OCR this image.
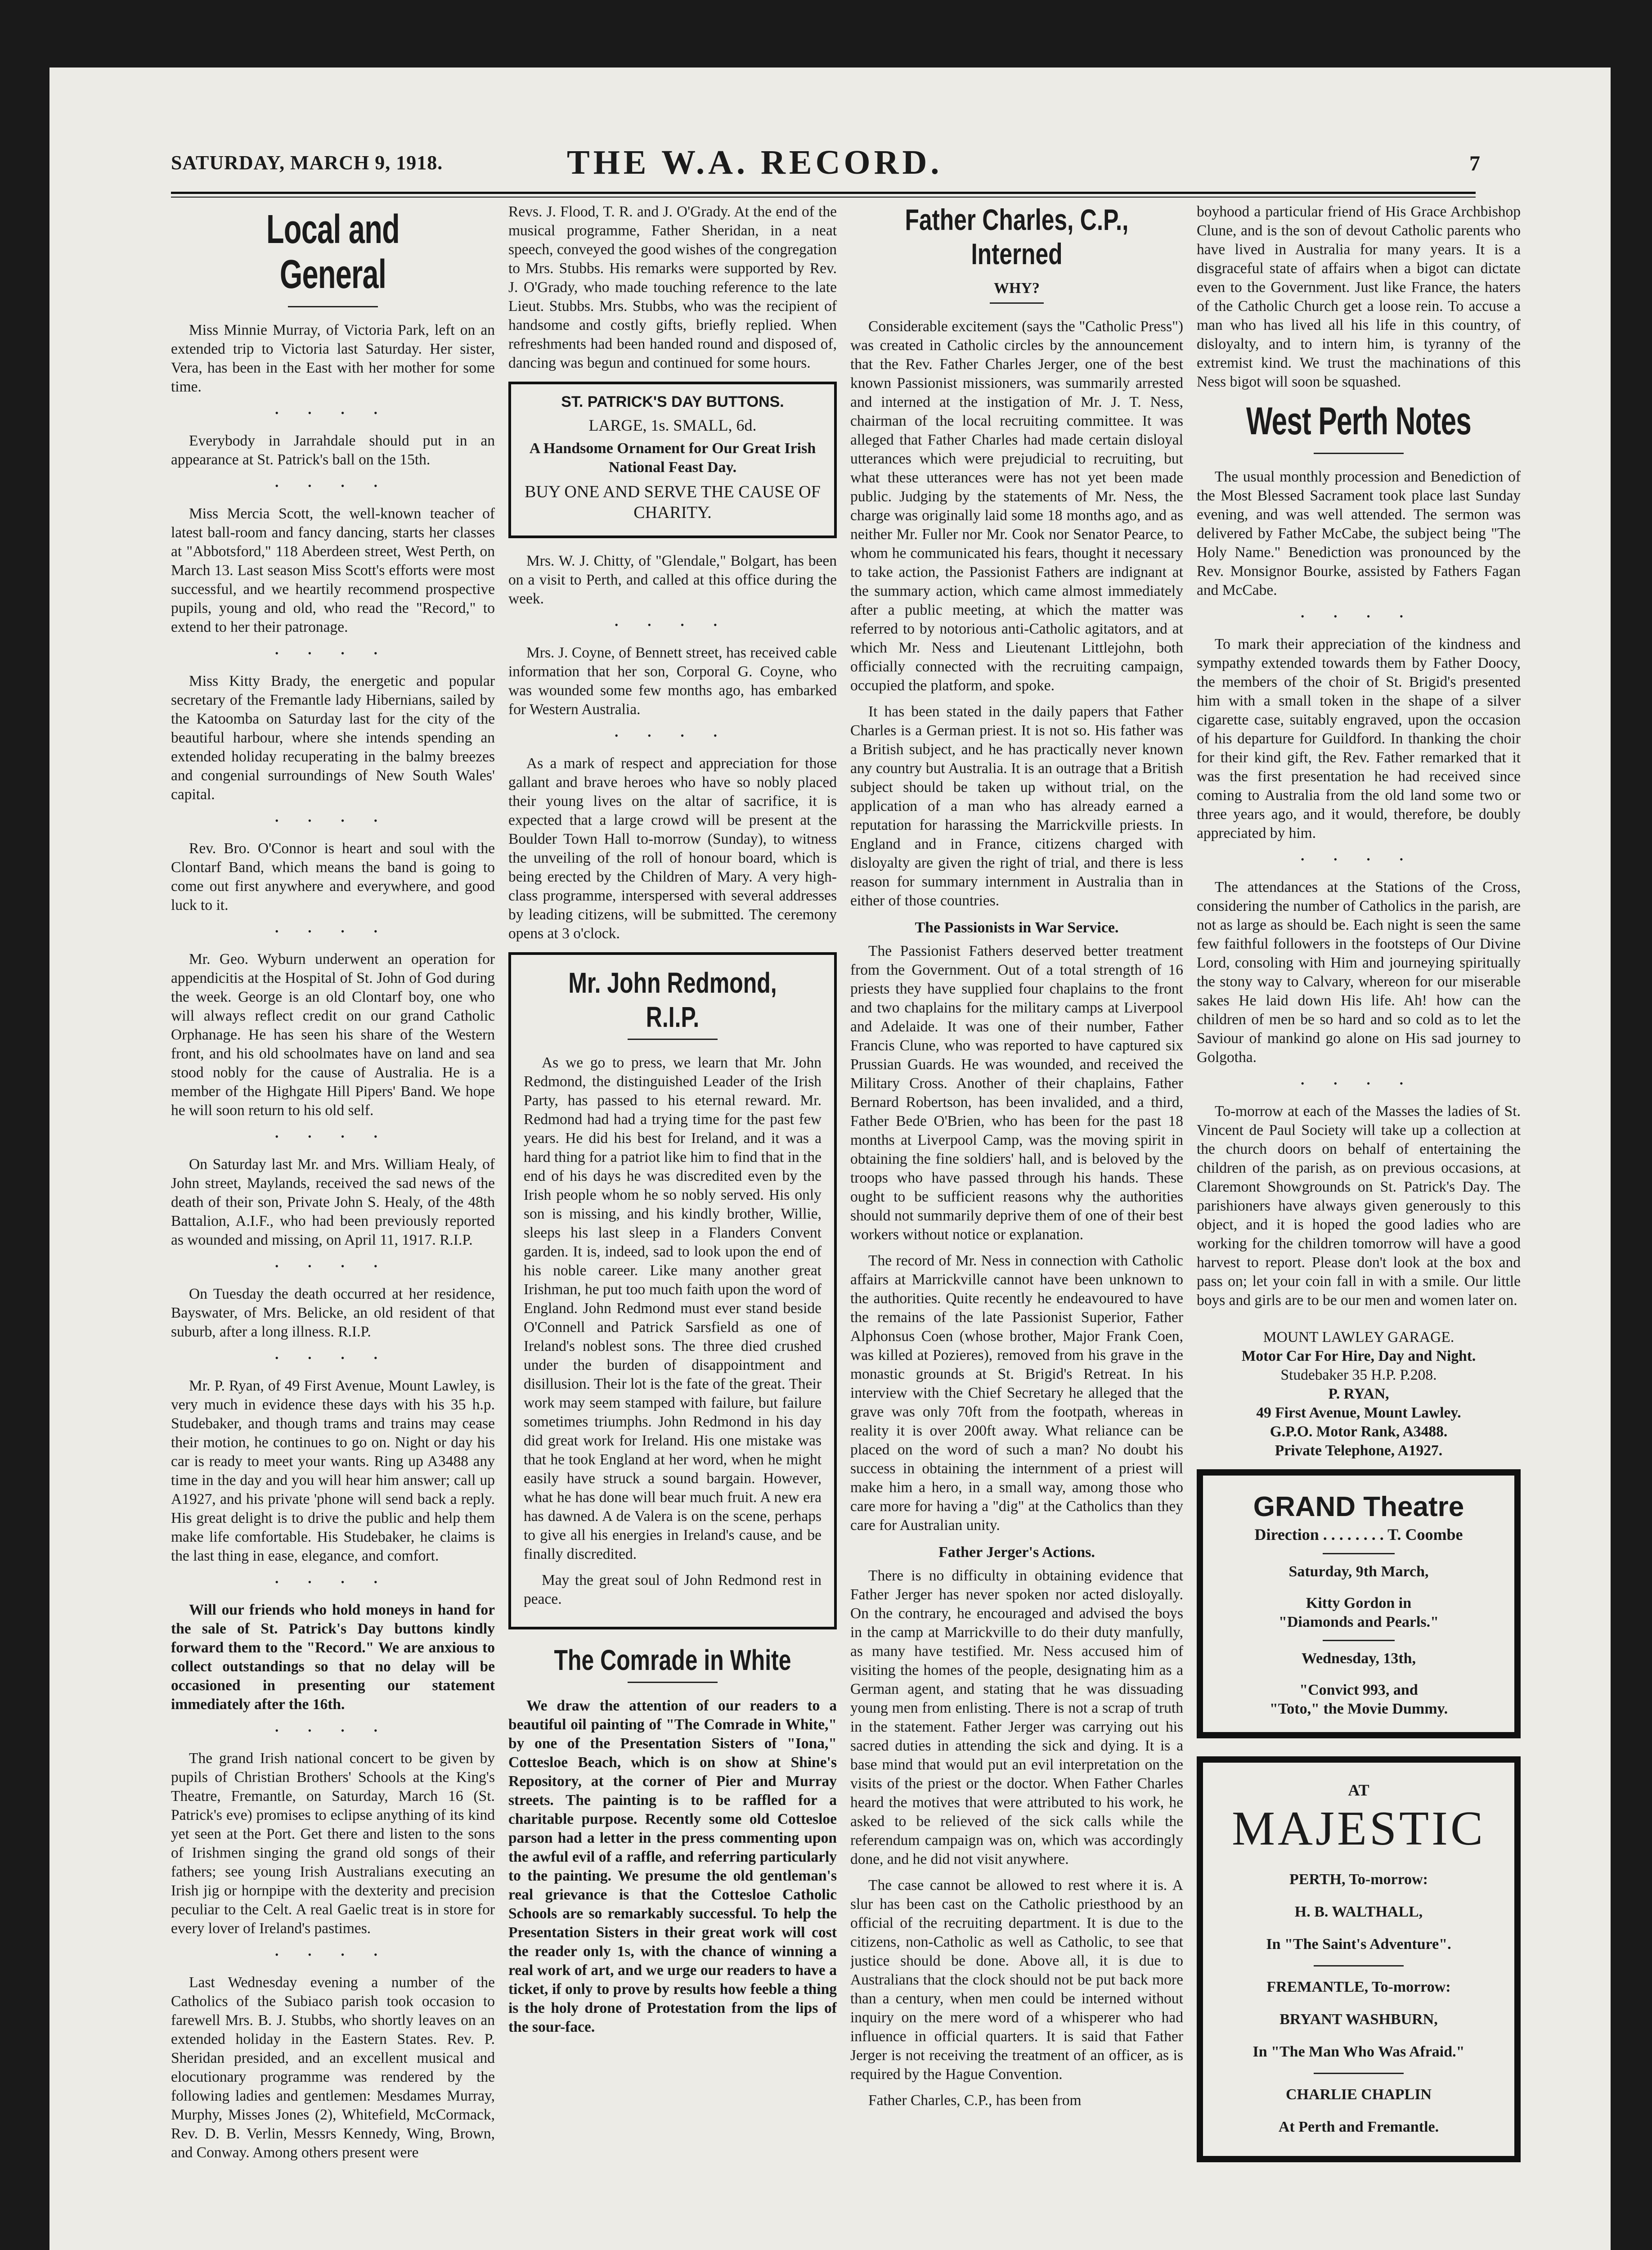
SATURDAY, MARCH 9, 1918.	THE W.A. RECORD.	7
Local and General

Miss Minnie Murray, of Victoria Park, left on an extended trip to Victoria last Saturday. Her sister, Vera, has been in the East with her mother for some time.

• • • •

Everybody in Jarrahdale should put in an appearance at St. Patrick's ball on the 15th.

• • • •

Miss Mercia Scott, the well-known teacher of latest ball-room and fancy dancing, starts her classes at "Abbotsford," 118 Aberdeen street, West Perth, on March 13. Last season Miss Scott's efforts were most successful, and we heartily recommend prospective pupils, young and old, who read the "Record," to extend to her their patronage.

• • • •

Miss Kitty Brady, the energetic and popular secretary of the Fremantle lady Hibernians, sailed by the Katoomba on Saturday last for the city of the beautiful harbour, where she intends spending an extended holiday recuperating in the balmy breezes and congenial surroundings of New South Wales' capital.

• • • •

Rev. Bro. O'Connor is heart and soul with the Clontarf Band, which means the band is going to come out first anywhere and everywhere, and good luck to it.

• • • •

Mr. Geo. Wyburn underwent an operation for appendicitis at the Hospital of St. John of God during the week. George is an old Clontarf boy, one who will always reflect credit on our grand Catholic Orphanage. He has seen his share of the Western front, and his old schoolmates have on land and sea stood nobly for the cause of Australia. He is a member of the Highgate Hill Pipers' Band. We hope he will soon return to his old self.

• • • •

On Saturday last Mr. and Mrs. William Healy, of John street, Maylands, received the sad news of the death of their son, Private John S. Healy, of the 48th Battalion, A.I.F., who had been previously reported as wounded and missing, on April 11, 1917. R.I.P.

• • • •

On Tuesday the death occurred at her residence, Bayswater, of Mrs. Belicke, an old resident of that suburb, after a long illness. R.I.P.

• • • •

Mr. P. Ryan, of 49 First Avenue, Mount Lawley, is very much in evidence these days with his 35 h.p. Studebaker, and though trams and trains may cease their motion, he continues to go on. Night or day his car is ready to meet your wants. Ring up A3488 any time in the day and you will hear him answer; call up A1927, and his private 'phone will send back a reply. His great delight is to drive the public and help them make life comfortable. His Studebaker, he claims is the last thing in ease, elegance, and comfort.

• • • •

Will our friends who hold moneys in hand for the sale of St. Patrick's Day buttons kindly forward them to the "Record." We are anxious to collect outstandings so that no delay will be occasioned in presenting our statement immediately after the 16th.

• • • •

The grand Irish national concert to be given by pupils of Christian Brothers' Schools at the King's Theatre, Fremantle, on Saturday, March 16 (St. Patrick's eve) promises to eclipse anything of its kind yet seen at the Port. Get there and listen to the sons of Irishmen singing the grand old songs of their fathers; see young Irish Australians executing an Irish jig or hornpipe with the dexterity and precision peculiar to the Celt. A real Gaelic treat is in store for every lover of Ireland's pastimes.

• • • •

Last Wednesday evening a number of the Catholics of the Subiaco parish took occasion to farewell Mrs. B. J. Stubbs, who shortly leaves on an extended holiday in the Eastern States. Rev. P. Sheridan presided, and an excellent musical and elocutionary programme was rendered by the following ladies and gentlemen: Mesdames Murray, Murphy, Misses Jones (2), Whitefield, McCormack, Rev. D. B. Verlin, Messrs Kennedy, Wing, Brown, and Conway. Among others present were

Revs. J. Flood, T. R. and J. O'Grady. At the end of the musical programme, Father Sheridan, in a neat speech, conveyed the good wishes of the congregation to Mrs. Stubbs. His remarks were supported by Rev. J. O'Grady, who made touching reference to the late Lieut. Stubbs. Mrs. Stubbs, who was the recipient of handsome and costly gifts, briefly replied. When refreshments had been handed round and disposed of, dancing was begun and continued for some hours.

ST. PATRICK'S DAY BUTTONS.
LARGE, 1s. SMALL, 6d.
A Handsome Ornament for Our Great Irish National Feast Day.
BUY ONE AND SERVE THE CAUSE OF CHARITY.

Mrs. W. J. Chitty, of "Glendale," Bolgart, has been on a visit to Perth, and called at this office during the week.

• • • •

Mrs. J. Coyne, of Bennett street, has received cable information that her son, Corporal G. Coyne, who was wounded some few months ago, has embarked for Western Australia.

• • • •

As a mark of respect and appreciation for those gallant and brave heroes who have so nobly placed their young lives on the altar of sacrifice, it is expected that a large crowd will be present at the Boulder Town Hall to-morrow (Sunday), to witness the unveiling of the roll of honour board, which is being erected by the Children of Mary. A very high-class programme, interspersed with several addresses by leading citizens, will be submitted. The ceremony opens at 3 o'clock.

Mr. John Redmond, R.I.P.

As we go to press, we learn that Mr. John Redmond, the distinguished Leader of the Irish Party, has passed to his eternal reward. Mr. Redmond had had a trying time for the past few years. He did his best for Ireland, and it was a hard thing for a patriot like him to find that in the end of his days he was discredited even by the Irish people whom he so nobly served. His only son is missing, and his kindly brother, Willie, sleeps his last sleep in a Flanders Convent garden. It is, indeed, sad to look upon the end of his noble career. Like many another great Irishman, he put too much faith upon the word of England. John Redmond must ever stand beside O'Connell and Patrick Sarsfield as one of Ireland's noblest sons. The three died crushed under the burden of disappointment and disillusion. Their lot is the fate of the great. Their work may seem stamped with failure, but failure sometimes triumphs. John Redmond in his day did great work for Ireland. His one mistake was that he took England at her word, when he might easily have struck a sound bargain. However, what he has done will bear much fruit. A new era has dawned. A de Valera is on the scene, perhaps to give all his energies in Ireland's cause, and be finally discredited.

May the great soul of John Redmond rest in peace.

The Comrade in White

We draw the attention of our readers to a beautiful oil painting of "The Comrade in White," by one of the Presentation Sisters of "Iona," Cottesloe Beach, which is on show at Shine's Repository, at the corner of Pier and Murray streets. The painting is to be raffled for a charitable purpose. Recently some old Cottesloe parson had a letter in the press commenting upon the awful evil of a raffle, and referring particularly to the painting. We presume the old gentleman's real grievance is that the Cottesloe Catholic Schools are so remarkably successful. To help the Presentation Sisters in their great work will cost the reader only 1s, with the chance of winning a real work of art, and we urge our readers to have a ticket, if only to prove by results how feeble a thing is the holy drone of Protestation from the lips of the sour-face.

Father Charles, C.P., Interned
WHY?

Considerable excitement (says the "Catholic Press") was created in Catholic circles by the announcement that the Rev. Father Charles Jerger, one of the best known Passionist missioners, was summarily arrested and interned at the instigation of Mr. J. T. Ness, chairman of the local recruiting committee. It was alleged that Father Charles had made certain disloyal utterances which were prejudicial to recruiting, but what these utterances were has not yet been made public. Judging by the statements of Mr. Ness, the charge was originally laid some 18 months ago, and as neither Mr. Fuller nor Mr. Cook nor Senator Pearce, to whom he communicated his fears, thought it necessary to take action, the Passionist Fathers are indignant at the summary action, which came almost immediately after a public meeting, at which the matter was referred to by notorious anti-Catholic agitators, and at which Mr. Ness and Lieutenant Littlejohn, both officially connected with the recruiting campaign, occupied the platform, and spoke.

It has been stated in the daily papers that Father Charles is a German priest. It is not so. His father was a British subject, and he has practically never known any country but Australia. It is an outrage that a British subject should be taken up without trial, on the application of a man who has already earned a reputation for harassing the Marrickville priests. In England and in France, citizens charged with disloyalty are given the right of trial, and there is less reason for summary internment in Australia than in either of those countries.

The Passionists in War Service.

The Passionist Fathers deserved better treatment from the Government. Out of a total strength of 16 priests they have supplied four chaplains to the front and two chaplains for the military camps at Liverpool and Adelaide. It was one of their number, Father Francis Clune, who was reported to have captured six Prussian Guards. He was wounded, and received the Military Cross. Another of their chaplains, Father Bernard Robertson, has been invalided, and a third, Father Bede O'Brien, who has been for the past 18 months at Liverpool Camp, was the moving spirit in obtaining the fine soldiers' hall, and is beloved by the troops who have passed through his hands. These ought to be sufficient reasons why the authorities should not summarily deprive them of one of their best workers without notice or explanation.

The record of Mr. Ness in connection with Catholic affairs at Marrickville cannot have been unknown to the authorities. Quite recently he endeavoured to have the remains of the late Passionist Superior, Father Alphonsus Coen (whose brother, Major Frank Coen, was killed at Pozieres), removed from his grave in the monastic grounds at St. Brigid's Retreat. In his interview with the Chief Secretary he alleged that the grave was only 70ft from the footpath, whereas in reality it is over 200ft away. What reliance can be placed on the word of such a man? No doubt his success in obtaining the internment of a priest will make him a hero, in a small way, among those who care more for having a "dig" at the Catholics than they care for Australian unity.

Father Jerger's Actions.

There is no difficulty in obtaining evidence that Father Jerger has never spoken nor acted disloyally. On the contrary, he encouraged and advised the boys in the camp at Marrickville to do their duty manfully, as many have testified. Mr. Ness accused him of visiting the homes of the people, designating him as a German agent, and stating that he was dissuading young men from enlisting. There is not a scrap of truth in the statement. Father Jerger was carrying out his sacred duties in attending the sick and dying. It is a base mind that would put an evil interpretation on the visits of the priest or the doctor. When Father Charles heard the motives that were attributed to his work, he asked to be relieved of the sick calls while the referendum campaign was on, which was accordingly done, and he did not visit anywhere.

The case cannot be allowed to rest where it is. A slur has been cast on the Catholic priesthood by an official of the recruiting department. It is due to the citizens, non-Catholic as well as Catholic, to see that justice should be done. Above all, it is due to Australians that the clock should not be put back more than a century, when men could be interned without inquiry on the mere word of a whisperer who had influence in official quarters. It is said that Father Jerger is not receiving the treatment of an officer, as is required by the Hague Convention.

Father Charles, C.P., has been from

boyhood a particular friend of His Grace Archbishop Clune, and is the son of devout Catholic parents who have lived in Australia for many years. It is a disgraceful state of affairs when a bigot can dictate even to the Government. Just like France, the haters of the Catholic Church get a loose rein. To accuse a man who has lived all his life in this country, of disloyalty, and to intern him, is tyranny of the extremist kind. We trust the machinations of this Ness bigot will soon be squashed.

West Perth Notes

The usual monthly procession and Benediction of the Most Blessed Sacrament took place last Sunday evening, and was well attended. The sermon was delivered by Father McCabe, the subject being "The Holy Name." Benediction was pronounced by the Rev. Monsignor Bourke, assisted by Fathers Fagan and McCabe.

• • • •

To mark their appreciation of the kindness and sympathy extended towards them by Father Doocy, the members of the choir of St. Brigid's presented him with a small token in the shape of a silver cigarette case, suitably engraved, upon the occasion of his departure for Guildford. In thanking the choir for their kind gift, the Rev. Father remarked that it was the first presentation he had received since coming to Australia from the old land some two or three years ago, and it would, therefore, be doubly appreciated by him.

• • • •

The attendances at the Stations of the Cross, considering the number of Catholics in the parish, are not as large as should be. Each night is seen the same few faithful followers in the footsteps of Our Divine Lord, consoling with Him and journeying spiritually the stony way to Calvary, whereon for our miserable sakes He laid down His life. Ah! how can the children of men be so hard and so cold as to let the Saviour of mankind go alone on His sad journey to Golgotha.

• • • •

To-morrow at each of the Masses the ladies of St. Vincent de Paul Society will take up a collection at the church doors on behalf of entertaining the children of the parish, as on previous occasions, at Claremont Showgrounds on St. Patrick's Day. The parishioners have always given generously to this object, and it is hoped the good ladies who are working for the children tomorrow will have a good harvest to report. Please don't look at the box and pass on; let your coin fall in with a smile. Our little boys and girls are to be our men and women later on.

MOUNT LAWLEY GARAGE.
Motor Car For Hire, Day and Night.
Studebaker 35 H.P. P.208.
P. RYAN,
49 First Avenue, Mount Lawley.
G.P.O. Motor Rank, A3488.
Private Telephone, A1927.
GRAND Theatre
Direction . . . . . . . . T. Coombe
Saturday, 9th March,
Kitty Gordon in
"Diamonds and Pearls."
Wednesday, 13th,
"Convict 993, and
"Toto," the Movie Dummy.
AT
MAJESTIC
PERTH, To-morrow:
H. B. WALTHALL,
In "The Saint's Adventure".
FREMANTLE, To-morrow:
BRYANT WASHBURN,
In "The Man Who Was Afraid."
CHARLIE CHAPLIN
At Perth and Fremantle.
